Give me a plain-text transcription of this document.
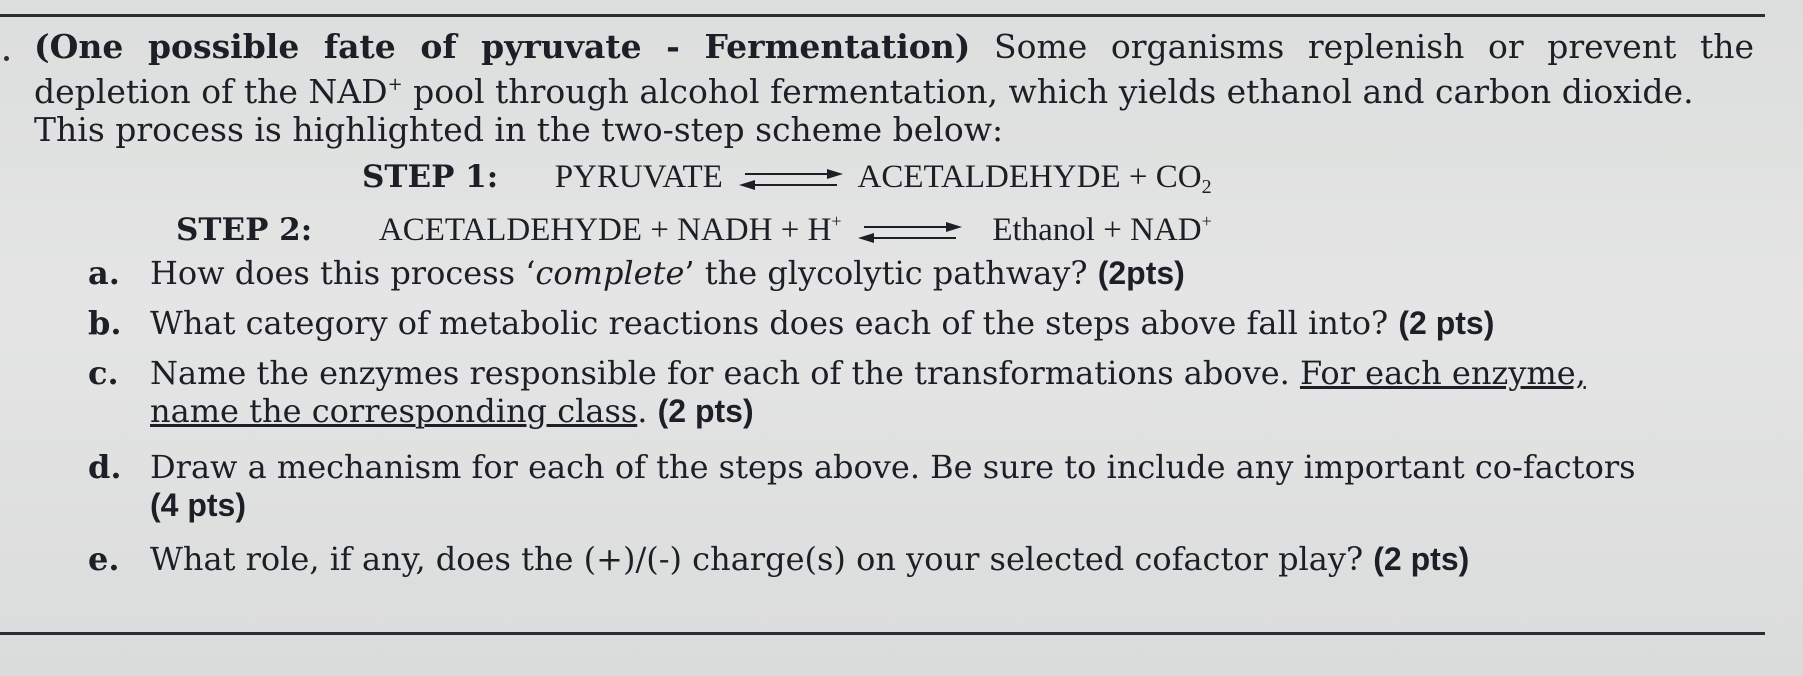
(One possible fate of pyruvate - Fermentation) Some organisms replenish or prevent the
depletion of the NAD+ pool through alcohol fermentation, which yields ethanol and carbon dioxide.
This process is highlighted in the two-step scheme below:
STEP 1: PYRUVATE ⇌ ACETALDEHYDE + $CO_2$
STEP 2: ACETALDEHYDE + NADH + H+ ⇌ Ethanol + NAD+
a. How does this process ‘complete’ the glycolytic pathway? (2pts)
b. What category of metabolic reactions does each of the steps above fall into? (2 pts)
c. Name the enzymes responsible for each of the transformations above. For each enzyme,
name the corresponding class. (2 pts)
d. Draw a mechanism for each of the steps above. Be sure to include any important co-factors
(4 pts)
e. What role, if any, does the (+)/(-) charge(s) on your selected cofactor play? (2 pts)
